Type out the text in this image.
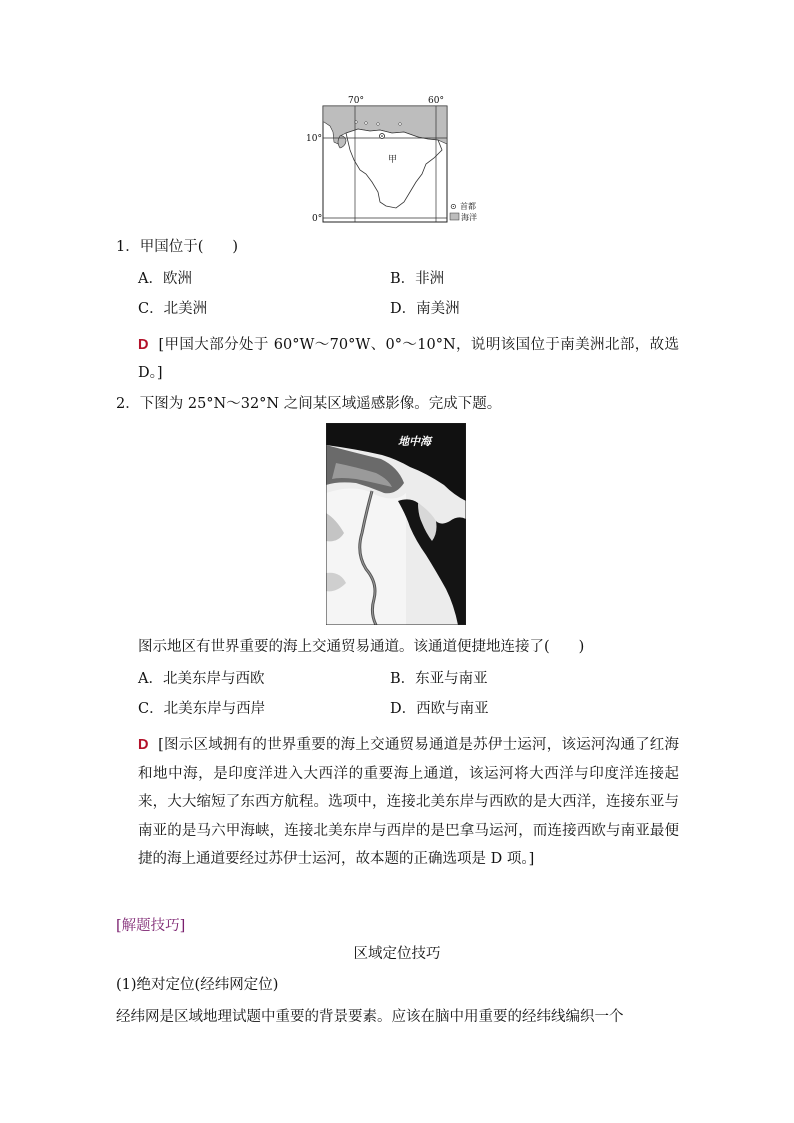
70°	60°
10°
0°
甲
⊙ 首都
海洋
1．甲国位于(　　)
A．欧洲	B．非洲
C．北美洲	D．南美洲
D [甲国大部分处于 60°W～70°W、0°～10°N，说明该国位于南美洲北部，故选 D。]
2．下图为 25°N～32°N 之间某区域遥感影像。完成下题。
地中海
图示地区有世界重要的海上交通贸易通道。该通道便捷地连接了(　　)
A．北美东岸与西欧	B．东亚与南亚
C．北美东岸与西岸	D．西欧与南亚
D [图示区域拥有的世界重要的海上交通贸易通道是苏伊士运河，该运河沟通了红海和地中海，是印度洋进入大西洋的重要海上通道，该运河将大西洋与印度洋连接起来，大大缩短了东西方航程。选项中，连接北美东岸与西欧的是大西洋，连接东亚与南亚的是马六甲海峡，连接北美东岸与西岸的是巴拿马运河，而连接西欧与南亚最便捷的海上通道要经过苏伊士运河，故本题的正确选项是 D 项。]
[解题技巧]
区域定位技巧
(1)绝对定位(经纬网定位)
经纬网是区域地理试题中重要的背景要素。应该在脑中用重要的经纬线编织一个
